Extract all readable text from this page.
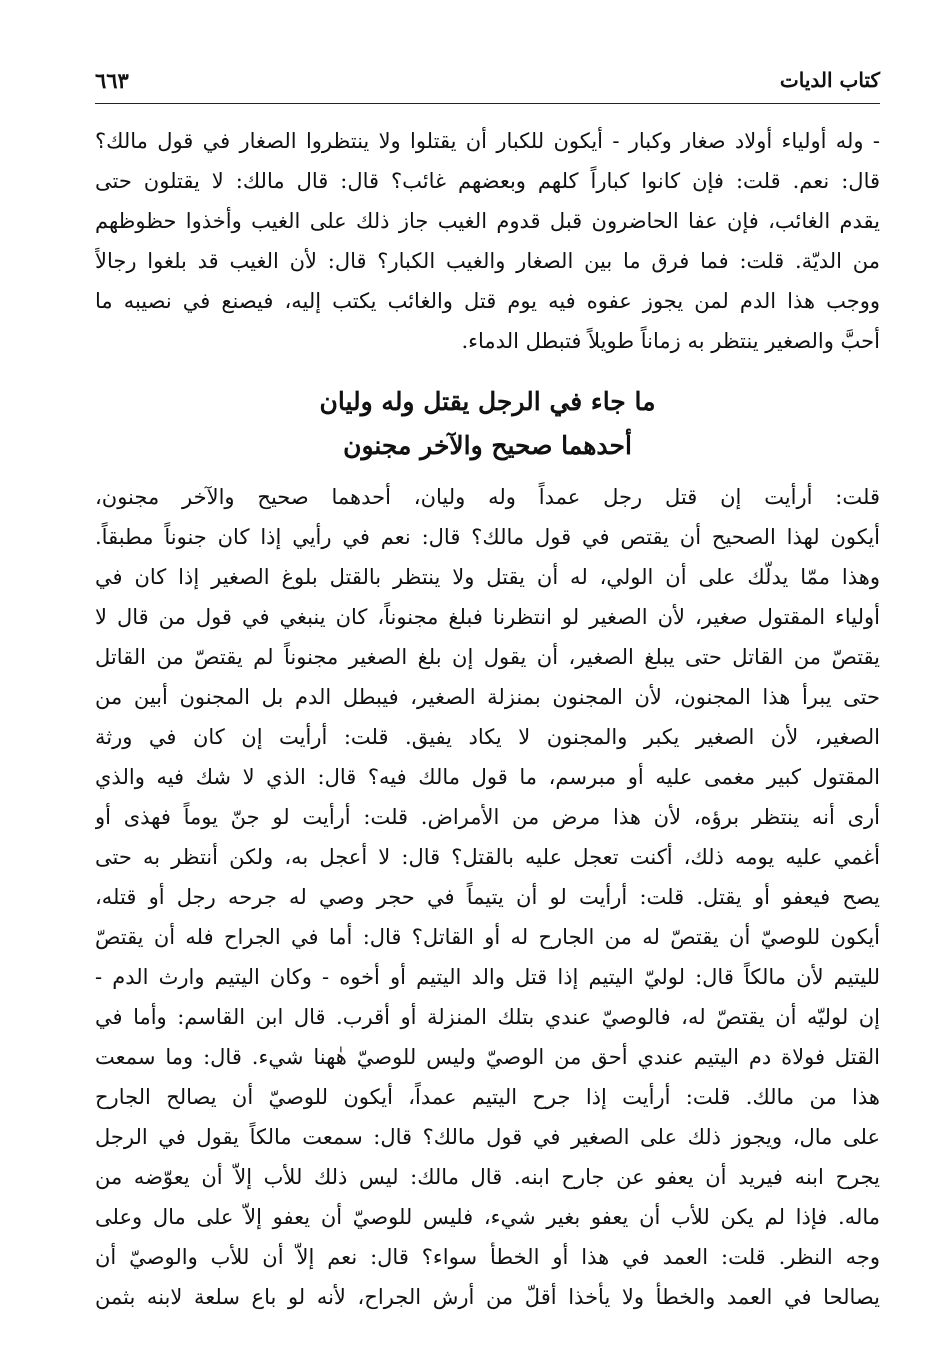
كتاب الديات
٦٦٣
- وله أولياء أولاد صغار وكبار - أيكون للكبار أن يقتلوا ولا ينتظروا الصغار في قول مالك؟
قال: نعم. قلت: فإن كانوا كباراً كلهم وبعضهم غائب؟ قال: قال مالك: لا يقتلون حتى
يقدم الغائب، فإن عفا الحاضرون قبل قدوم الغيب جاز ذلك على الغيب وأخذوا حظوظهم
من الديّة. قلت: فما فرق ما بين الصغار والغيب الكبار؟ قال: لأن الغيب قد بلغوا رجالاً
ووجب هذا الدم لمن يجوز عفوه فيه يوم قتل والغائب يكتب إليه، فيصنع في نصيبه ما
أحبَّ والصغير ينتظر به زماناً طويلاً فتبطل الدماء.
ما جاء في الرجل يقتل وله وليان
أحدهما صحيح والآخر مجنون
قلت: أرأيت إن قتل رجل عمداً وله وليان، أحدهما صحيح والآخر مجنون،
أيكون لهذا الصحيح أن يقتص في قول مالك؟ قال: نعم في رأيي إذا كان جنوناً مطبقاً.
وهذا ممّا يدلّك على أن الولي، له أن يقتل ولا ينتظر بالقتل بلوغ الصغير إذا كان في
أولياء المقتول صغير، لأن الصغير لو انتظرنا فبلغ مجنوناً، كان ينبغي في قول من قال لا
يقتصّ من القاتل حتى يبلغ الصغير، أن يقول إن بلغ الصغير مجنوناً لم يقتصّ من القاتل
حتى يبرأ هذا المجنون، لأن المجنون بمنزلة الصغير، فيبطل الدم بل المجنون أبين من
الصغير، لأن الصغير يكبر والمجنون لا يكاد يفيق. قلت: أرأيت إن كان في ورثة
المقتول كبير مغمى عليه أو مبرسم، ما قول مالك فيه؟ قال: الذي لا شك فيه والذي
أرى أنه ينتظر برؤه، لأن هذا مرض من الأمراض. قلت: أرأيت لو جنّ يوماً فهذى أو
أغمي عليه يومه ذلك، أكنت تعجل عليه بالقتل؟ قال: لا أعجل به، ولكن أنتظر به حتى
يصح فيعفو أو يقتل. قلت: أرأيت لو أن يتيماً في حجر وصي له جرحه رجل أو قتله،
أيكون للوصيّ أن يقتصّ له من الجارح له أو القاتل؟ قال: أما في الجراح فله أن يقتصّ
لليتيم لأن مالكاً قال: لوليّ اليتيم إذا قتل والد اليتيم أو أخوه - وكان اليتيم وارث الدم -
إن لوليّه أن يقتصّ له، فالوصيّ عندي بتلك المنزلة أو أقرب. قال ابن القاسم: وأما في
القتل فولاة دم اليتيم عندي أحق من الوصيّ وليس للوصيّ هٰهنا شيء. قال: وما سمعت
هذا من مالك. قلت: أرأيت إذا جرح اليتيم عمداً، أيكون للوصيّ أن يصالح الجارح
على مال، ويجوز ذلك على الصغير في قول مالك؟ قال: سمعت مالكاً يقول في الرجل
يجرح ابنه فيريد أن يعفو عن جارح ابنه. قال مالك: ليس ذلك للأب إلاّ أن يعوّضه من
ماله. فإذا لم يكن للأب أن يعفو بغير شيء، فليس للوصيّ أن يعفو إلاّ على مال وعلى
وجه النظر. قلت: العمد في هذا أو الخطأ سواء؟ قال: نعم إلاّ أن للأب والوصيّ أن
يصالحا في العمد والخطأ ولا يأخذا أقلّ من أرش الجراح، لأنه لو باع سلعة لابنه بثمن
